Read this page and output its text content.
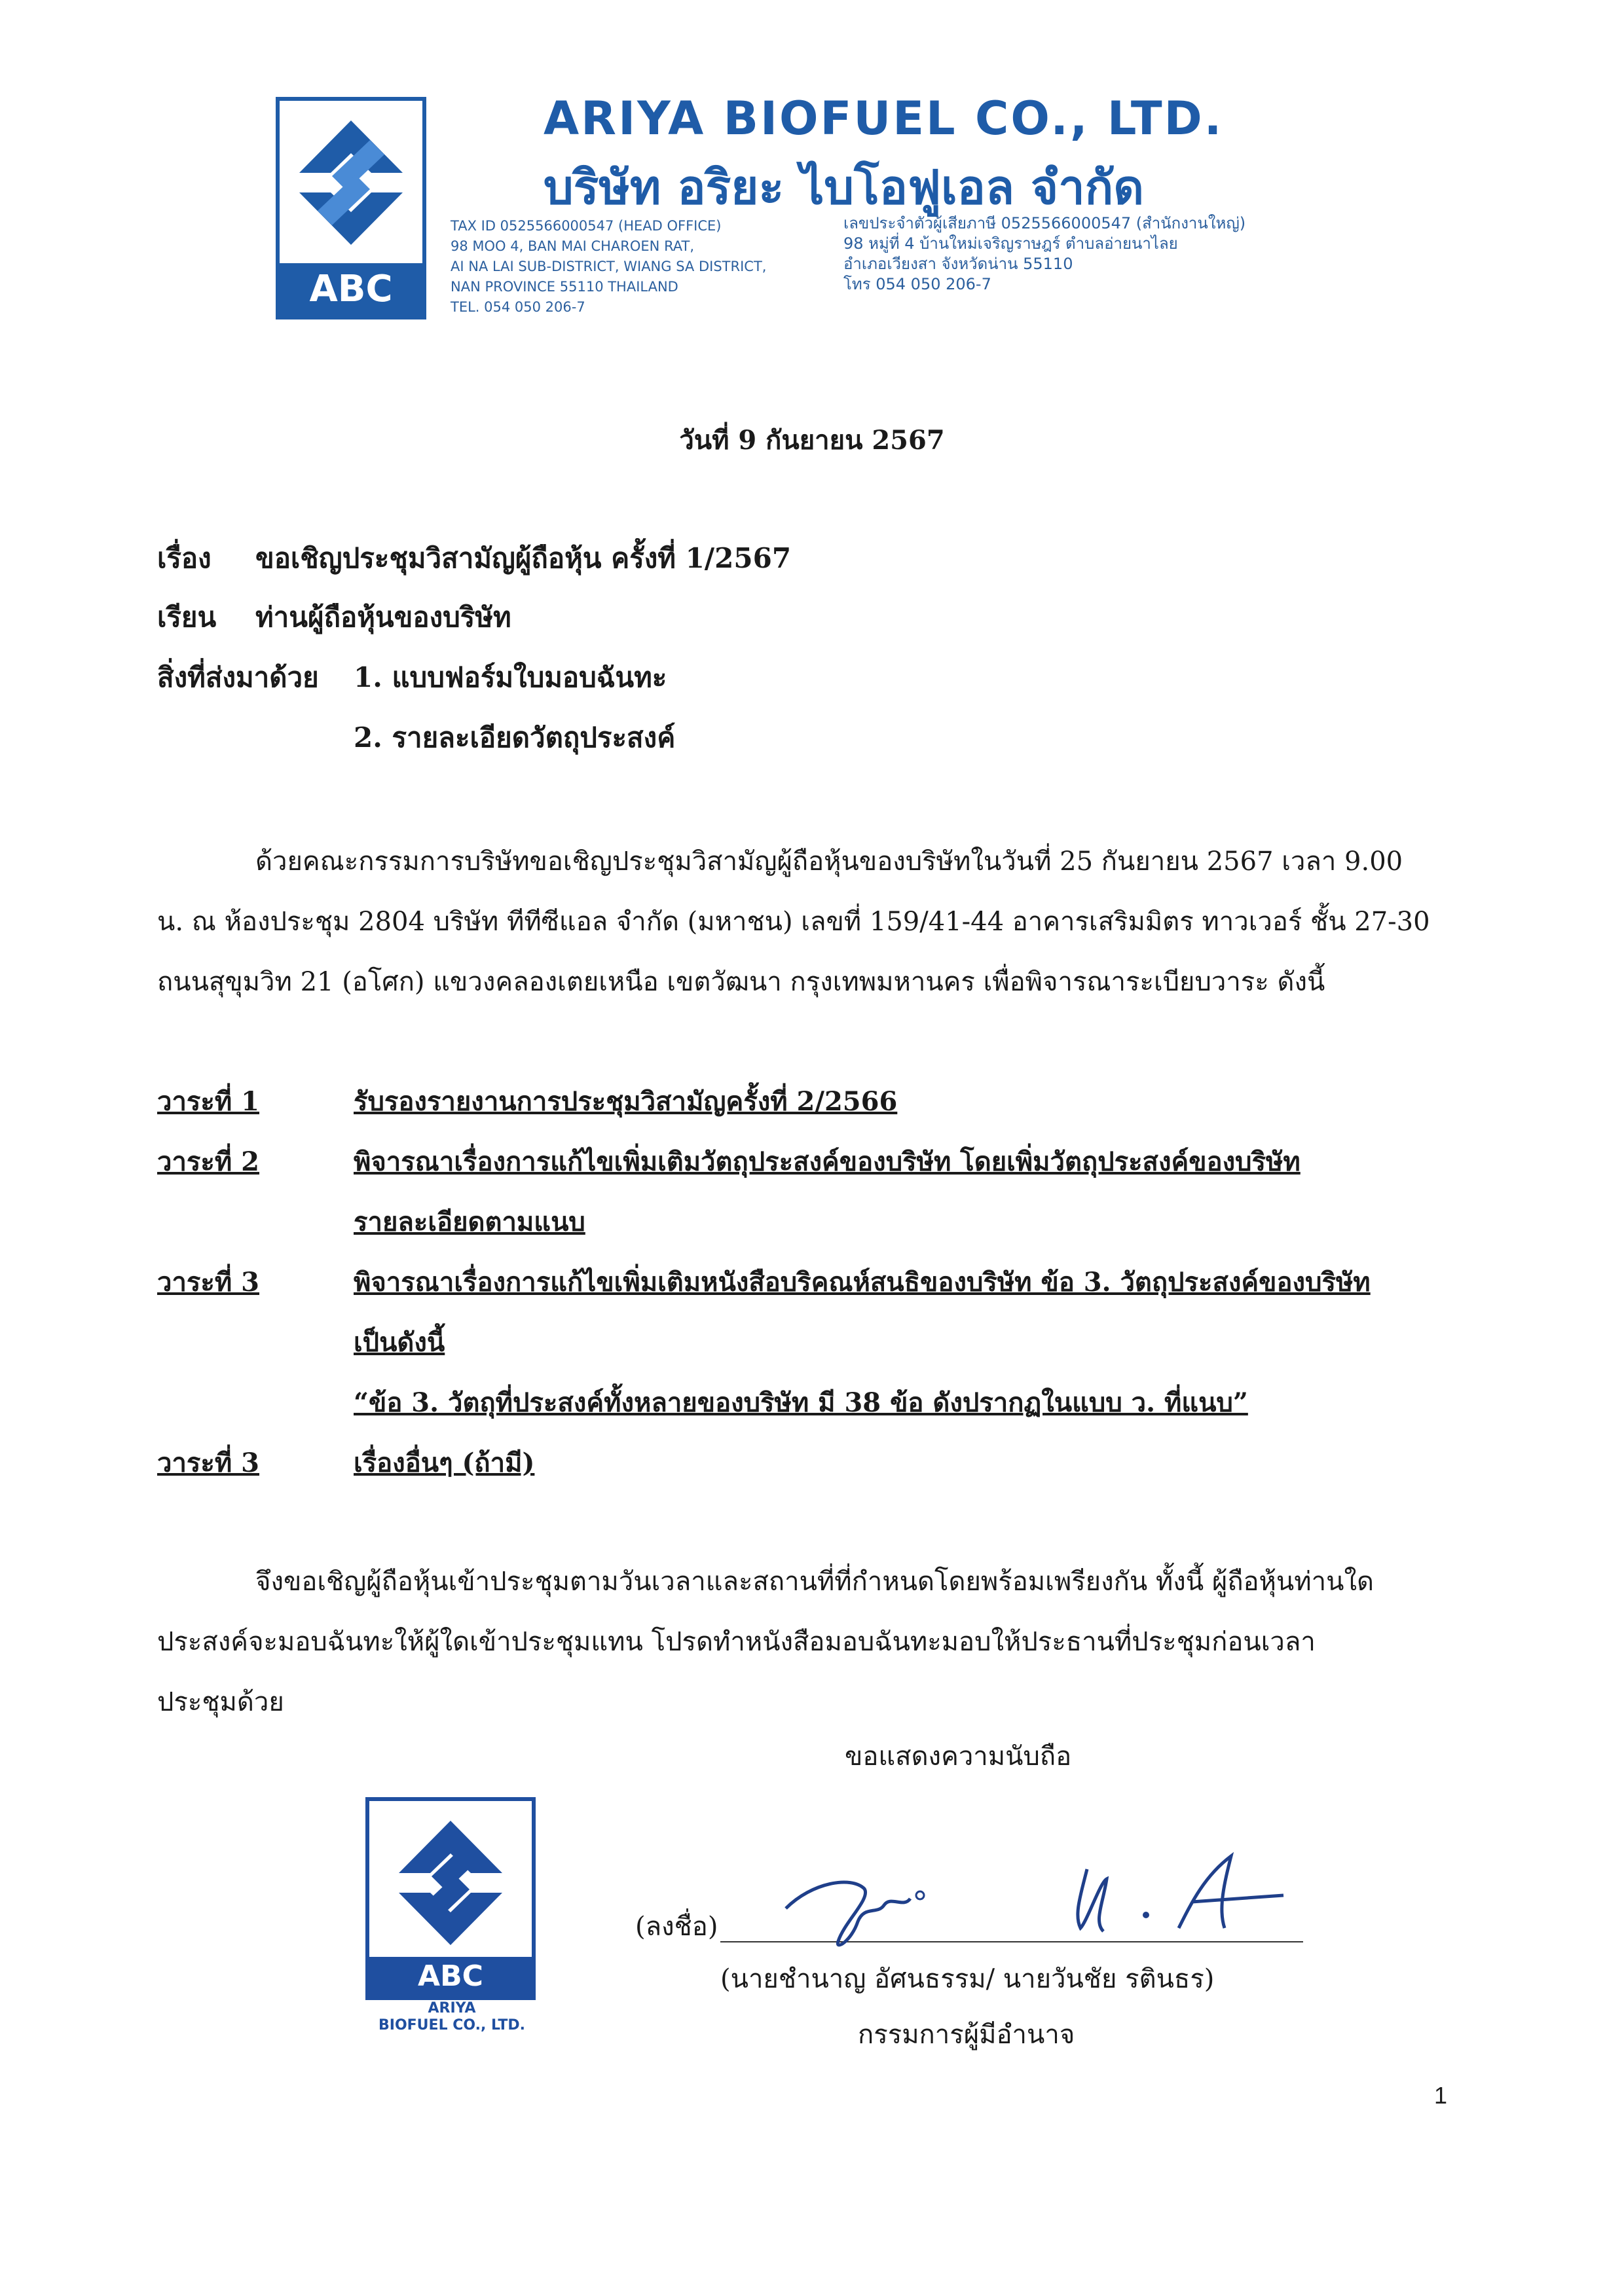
ABC
ARIYA BIOFUEL CO., LTD.
บริษัท อริยะ ไบโอฟูเอล จำกัด
TAX ID 0525566000547 (HEAD OFFICE)
98 MOO 4, BAN MAI CHAROEN RAT,
AI NA LAI SUB-DISTRICT, WIANG SA DISTRICT,
NAN PROVINCE 55110 THAILAND
TEL. 054 050 206-7
เลขประจำตัวผู้เสียภาษี 0525566000547 (สำนักงานใหญ่)
98 หมู่ที่ 4 บ้านใหม่เจริญราษฎร์ ตำบลอ่ายนาไลย
อำเภอเวียงสา จังหวัดน่าน 55110
โทร 054 050 206-7
วันที่ 9 กันยายน 2567
เรื่อง ขอเชิญประชุมวิสามัญผู้ถือหุ้น ครั้งที่ 1/2567
เรียน ท่านผู้ถือหุ้นของบริษัท
สิ่งที่ส่งมาด้วย 1. แบบฟอร์มใบมอบฉันทะ
2. รายละเอียดวัตถุประสงค์
ด้วยคณะกรรมการบริษัทขอเชิญประชุมวิสามัญผู้ถือหุ้นของบริษัทในวันที่ 25 กันยายน 2567 เวลา 9.00
น. ณ ห้องประชุม 2804 บริษัท ทีทีซีแอล จำกัด (มหาชน) เลขที่ 159/41-44 อาคารเสริมมิตร ทาวเวอร์ ชั้น 27-30
ถนนสุขุมวิท 21 (อโศก) แขวงคลองเตยเหนือ เขตวัฒนา กรุงเทพมหานคร เพื่อพิจารณาระเบียบวาระ ดังนี้
วาระที่ 1	รับรองรายงานการประชุมวิสามัญครั้งที่ 2/2566
วาระที่ 2	พิจารณาเรื่องการแก้ไขเพิ่มเติมวัตถุประสงค์ของบริษัท โดยเพิ่มวัตถุประสงค์ของบริษัท
รายละเอียดตามแนบ
วาระที่ 3	พิจารณาเรื่องการแก้ไขเพิ่มเติมหนังสือบริคณห์สนธิของบริษัท ข้อ 3. วัตถุประสงค์ของบริษัท
เป็นดังนี้
“ข้อ 3. วัตถุที่ประสงค์ทั้งหลายของบริษัท มี 38 ข้อ ดังปรากฏในแบบ ว. ที่แนบ”
วาระที่ 3	เรื่องอื่นๆ (ถ้ามี)
จึงขอเชิญผู้ถือหุ้นเข้าประชุมตามวันเวลาและสถานที่ที่กำหนดโดยพร้อมเพรียงกัน ทั้งนี้ ผู้ถือหุ้นท่านใด
ประสงค์จะมอบฉันทะให้ผู้ใดเข้าประชุมแทน โปรดทำหนังสือมอบฉันทะมอบให้ประธานที่ประชุมก่อนเวลา
ประชุมด้วย
ขอแสดงความนับถือ
ABC
ARIYA
BIOFUEL CO., LTD.
(ลงชื่อ)
(นายชำนาญ อัศนธรรม/ นายวันชัย รตินธร)
กรรมการผู้มีอำนาจ
1
